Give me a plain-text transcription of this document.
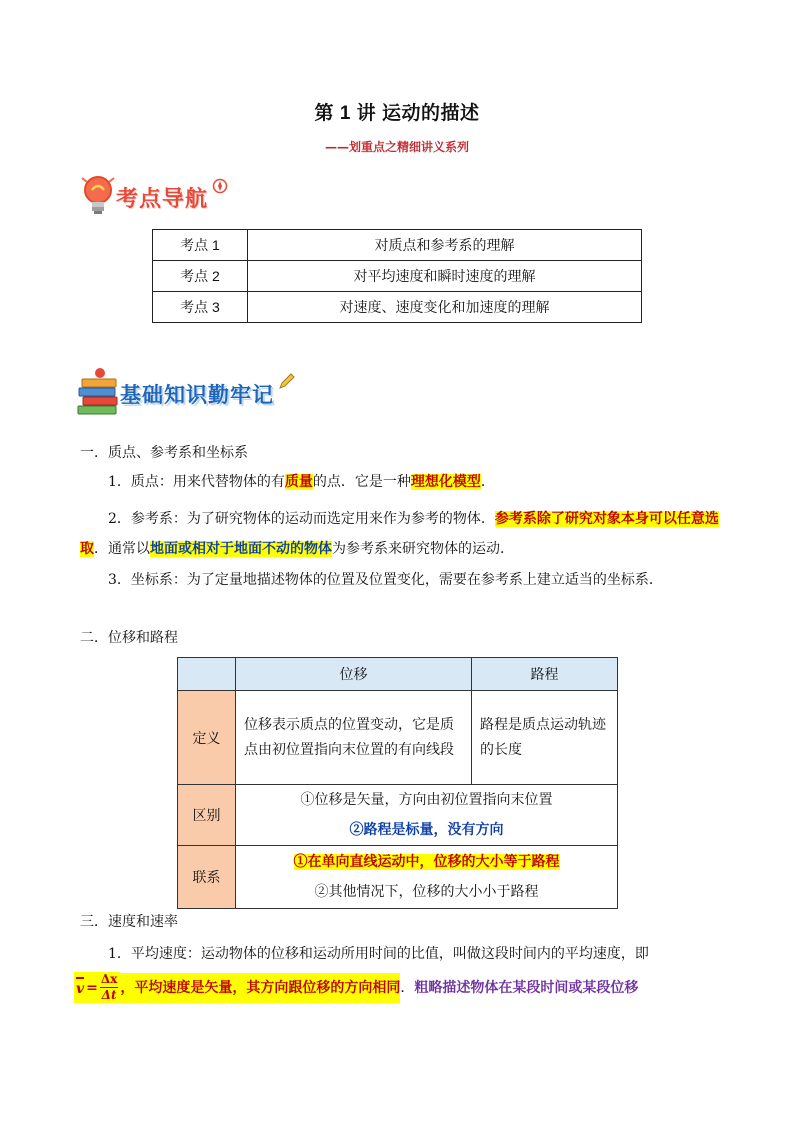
第 1 讲 运动的描述
——划重点之精细讲义系列
考点导航
考点 1	对质点和参考系的理解
考点 2	对平均速度和瞬时速度的理解
考点 3	对速度、速度变化和加速度的理解
基础知识勤牢记
一．质点、参考系和坐标系
1．质点：用来代替物体的有质量的点．它是一种理想化模型．
2．参考系：为了研究物体的运动而选定用来作为参考的物体．参考系除了研究对象本身可以任意选取．通常以地面或相对于地面不动的物体为参考系来研究物体的运动．
3．坐标系：为了定量地描述物体的位置及位置变化，需要在参考系上建立适当的坐标系．
二．位移和路程
	位移	路程
定义	位移表示质点的位置变动，它是质点由初位置指向末位置的有向线段	路程是质点运动轨迹的长度
区别	①位移是矢量，方向由初位置指向末位置
②路程是标量，没有方向	

联系	①在单向直线运动中，位移的大小等于路程
②其他情况下，位移的大小小于路程	
三．速度和速率
1．平均速度：运动物体的位移和运动所用时间的比值，叫做这段时间内的平均速度，即
$v = \frac{\Delta x}{\Delta t}$ ，平均速度是矢量，其方向跟位移的方向相同 ． 粗略描述物体在某段时间或某段位移
